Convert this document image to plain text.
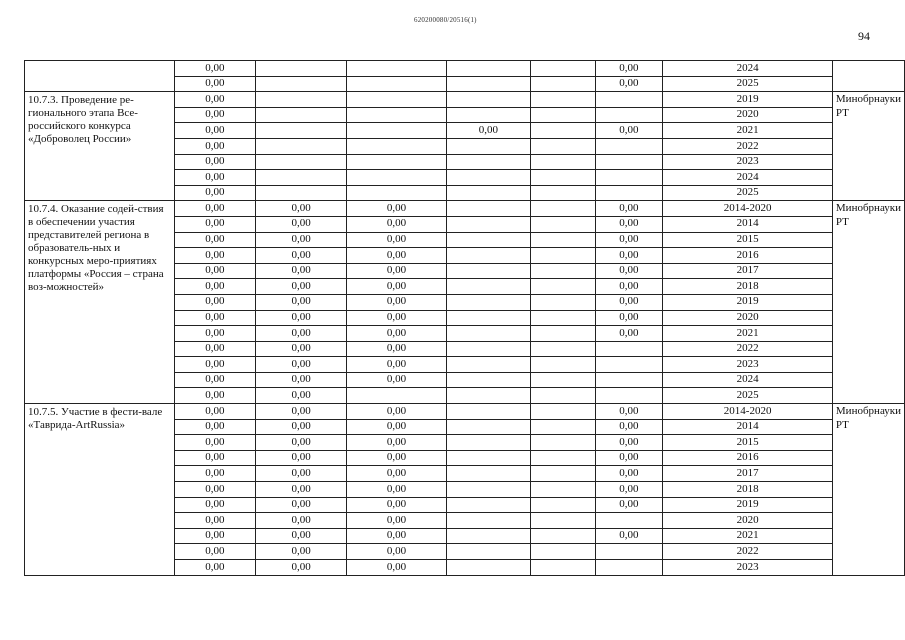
620200080/20516(1)
94
	0,00					0,00	2024	
	0,00					0,00	2025	
10.7.3. Проведение ре-гионального этапа Все-российского конкурса «Доброволец России»	0,00						2019	Минобрнауки РТ
	0,00						2020	
	0,00			0,00		0,00	2021	
	0,00						2022	
	0,00						2023	
	0,00						2024	
	0,00						2025	
10.7.4. Оказание содей-ствия в обеспечении участия представителей региона в образователь-ных и конкурсных меро-приятиях платформы «Россия – страна воз-можностей»	0,00	0,00	0,00			0,00	2014-2020	Минобрнауки РТ
	0,00	0,00	0,00			0,00	2014	
	0,00	0,00	0,00			0,00	2015	
	0,00	0,00	0,00			0,00	2016	
	0,00	0,00	0,00			0,00	2017	
	0,00	0,00	0,00			0,00	2018	
	0,00	0,00	0,00			0,00	2019	
	0,00	0,00	0,00			0,00	2020	
	0,00	0,00	0,00			0,00	2021	
	0,00	0,00	0,00				2022	
	0,00	0,00	0,00				2023	
	0,00	0,00	0,00				2024	
	0,00	0,00					2025	
10.7.5. Участие в фести-вале «Таврида-ArtRussia»	0,00	0,00	0,00			0,00	2014-2020	Минобрнауки РТ
	0,00	0,00	0,00			0,00	2014	
	0,00	0,00	0,00			0,00	2015	
	0,00	0,00	0,00			0,00	2016	
	0,00	0,00	0,00			0,00	2017	
	0,00	0,00	0,00			0,00	2018	
	0,00	0,00	0,00			0,00	2019	
	0,00	0,00	0,00				2020	
	0,00	0,00	0,00			0,00	2021	
	0,00	0,00	0,00				2022	
	0,00	0,00	0,00				2023	
